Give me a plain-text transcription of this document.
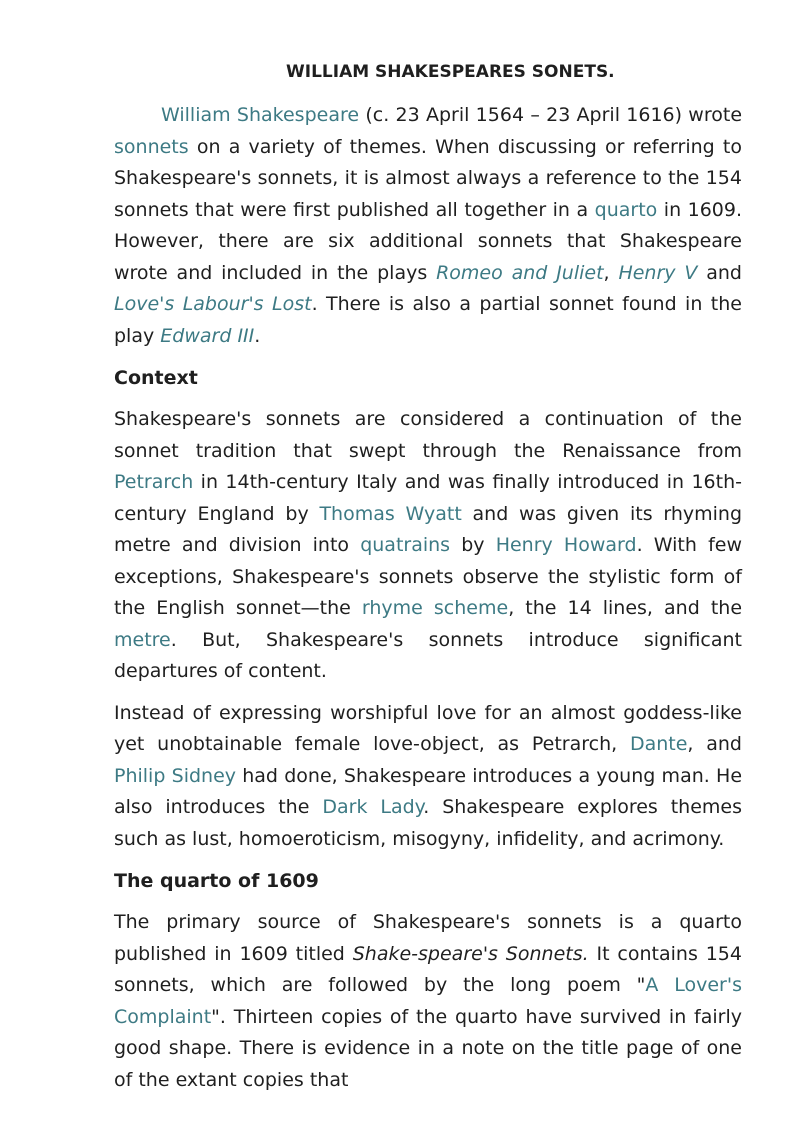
WILLIAM SHAKESPEARES SONETS.

William Shakespeare (c. 23 April 1564 – 23 April 1616) wrote sonnets on a variety of themes. When discussing or referring to Shakespeare's sonnets, it is almost always a reference to the 154 sonnets that were first published all together in a quarto in 1609. However, there are six additional sonnets that Shakespeare wrote and included in the plays Romeo and Juliet, Henry V and Love's Labour's Lost. There is also a partial sonnet found in the play Edward III.

Context

Shakespeare's sonnets are considered a continuation of the sonnet tradition that swept through the Renaissance from Petrarch in 14th-century Italy and was finally introduced in 16th-century England by Thomas Wyatt and was given its rhyming metre and division into quatrains by Henry Howard. With few exceptions, Shakespeare's sonnets observe the stylistic form of the English sonnet—the rhyme scheme, the 14 lines, and the metre. But, Shakespeare's sonnets introduce significant departures of content.

Instead of expressing worshipful love for an almost goddess-like yet unobtainable female love-object, as Petrarch, Dante, and Philip Sidney had done, Shakespeare introduces a young man. He also introduces the Dark Lady. Shakespeare explores themes such as lust, homoeroticism, misogyny, infidelity, and acrimony.

The quarto of 1609

The primary source of Shakespeare's sonnets is a quarto published in 1609 titled Shake-speare's Sonnets. It contains 154 sonnets, which are followed by the long poem "A Lover's Complaint". Thirteen copies of the quarto have survived in fairly good shape. There is evidence in a note on the title page of one of the extant copies that
